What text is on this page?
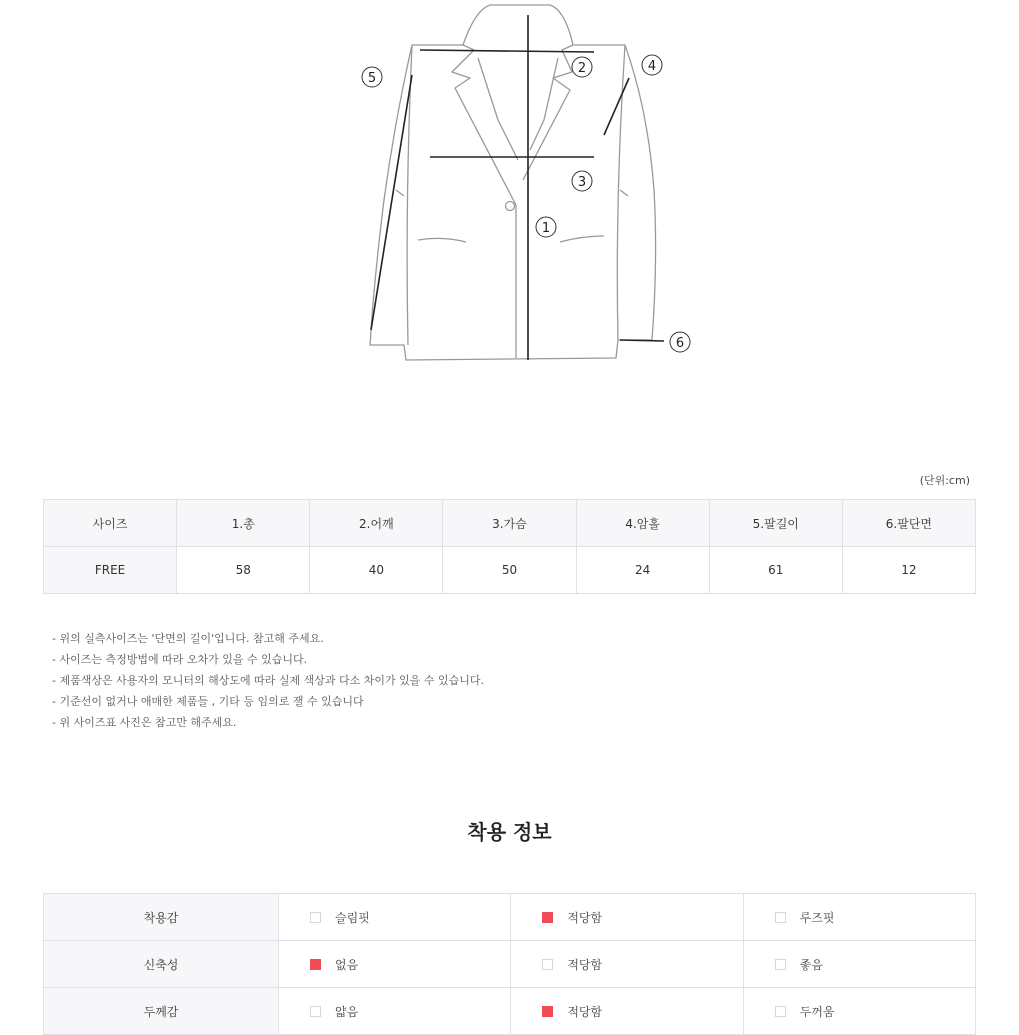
1
2
3
4
5
6
(단위:cm)
사이즈	1.총	2.어깨	3.가슴	4.암홀	5.팔길이	6.팔단면
FREE	58	40	50	24	61	12
- 위의 실측사이즈는 '단면의 길이'입니다. 참고해 주세요.
- 사이즈는 측정방법에 따라 오차가 있을 수 있습니다.
- 제품색상은 사용자의 모니터의 해상도에 따라 실제 색상과 다소 차이가 있을 수 있습니다.
- 기준선이 없거나 애매한 제품들 , 기타 등 임의로 잴 수 있습니다
- 위 사이즈표 사진은 참고만 해주세요.
착용 정보
착용감	슬림핏	적당함	루즈핏
신축성	없음	적당함	좋음
두께감	얇음	적당함	두꺼움
